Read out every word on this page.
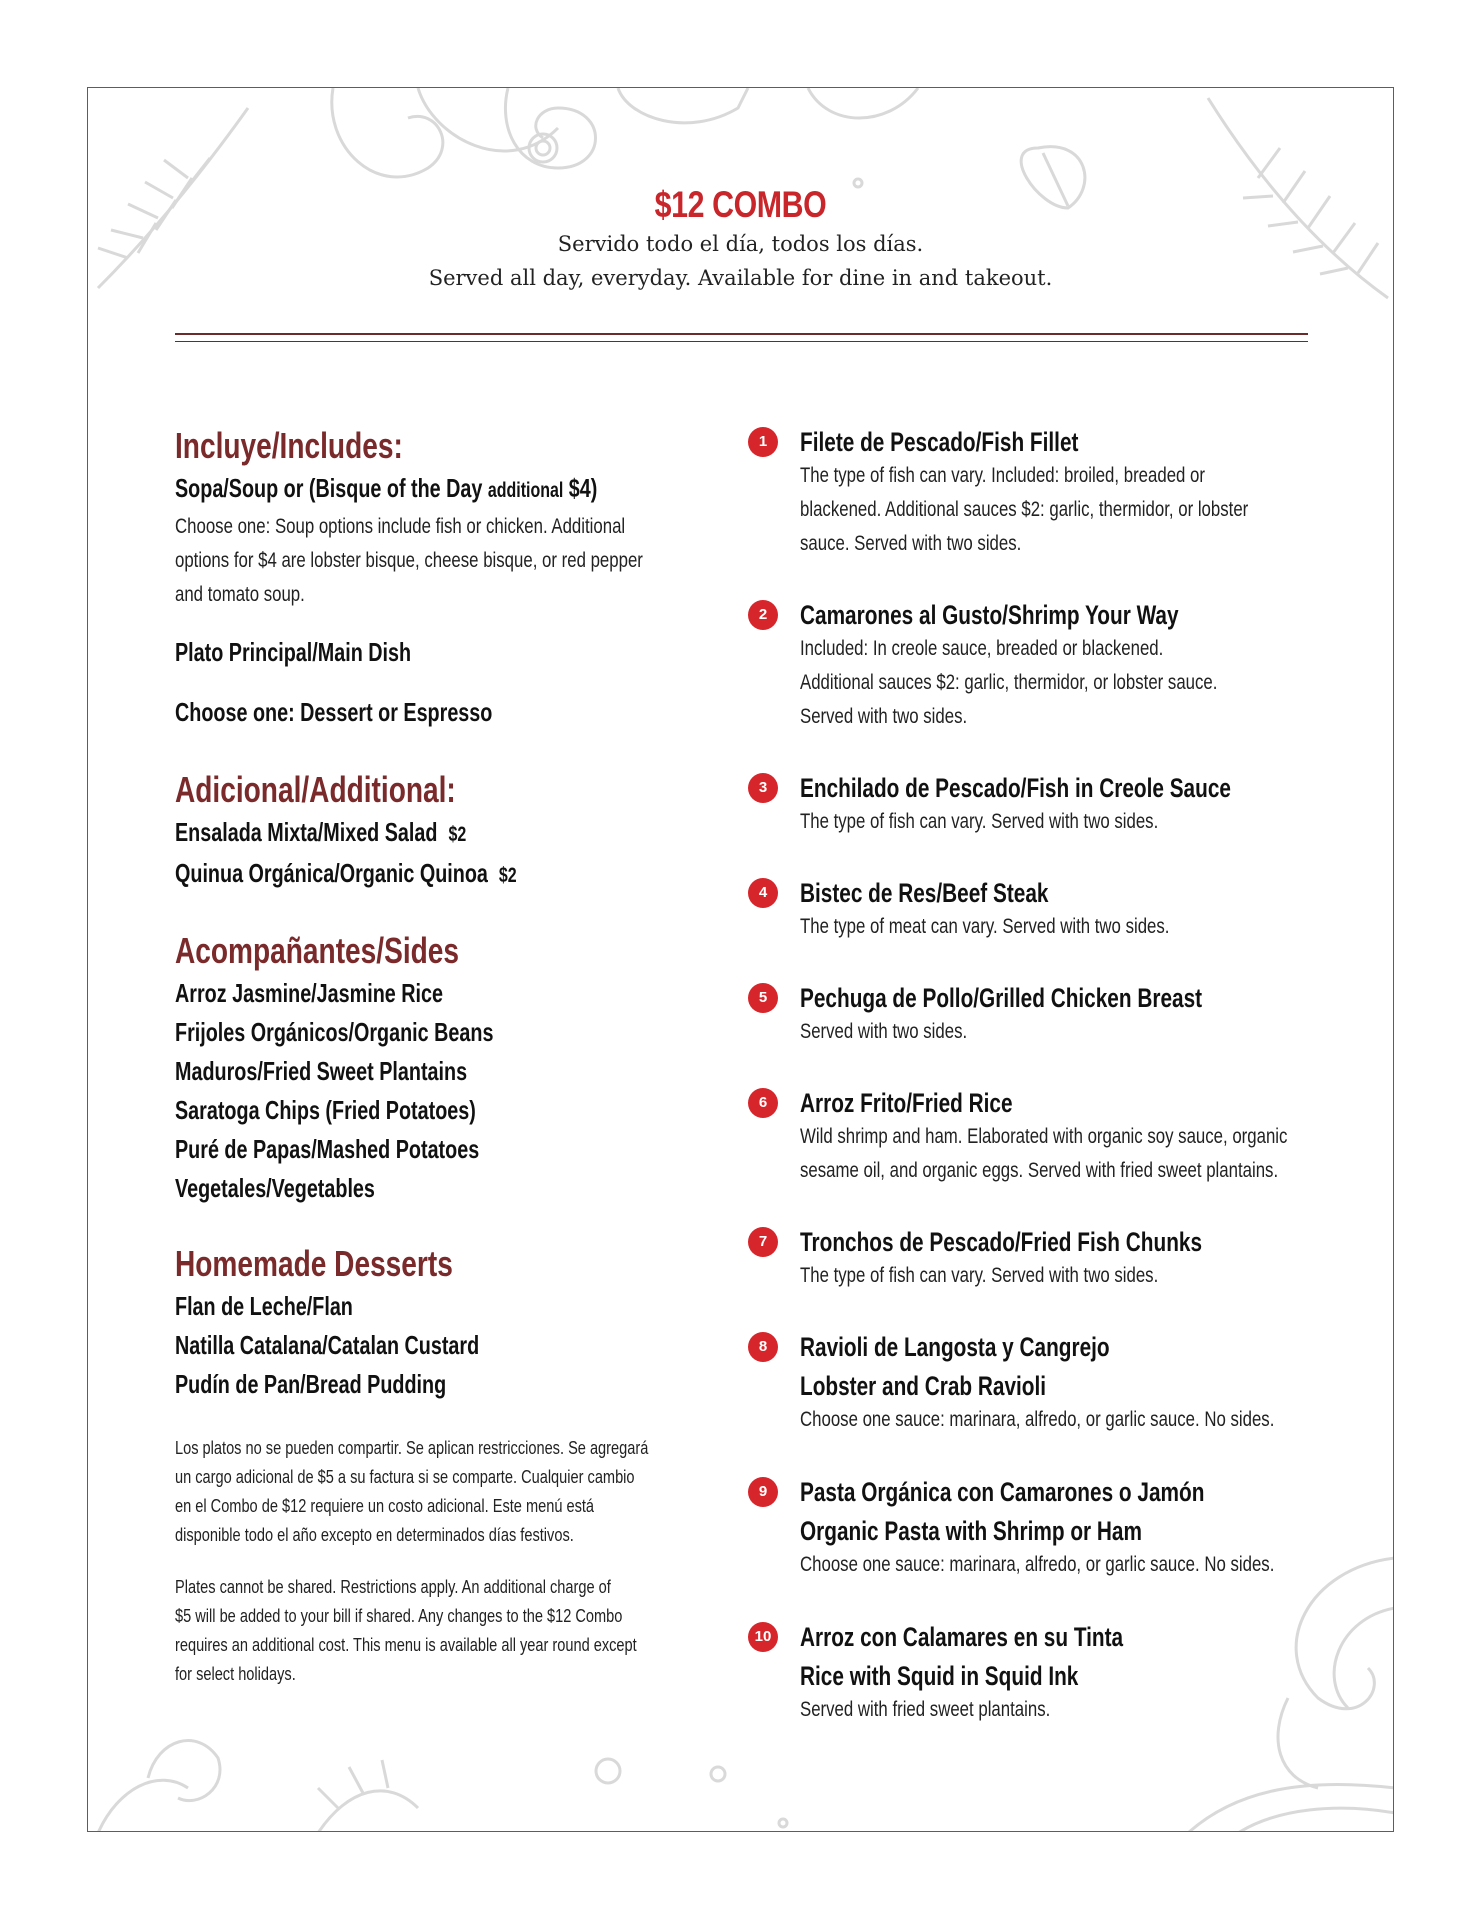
$12 COMBO

Servido todo el día, todos los días.

Served all day, everyday. Available for dine in and takeout.

Incluye/Includes:

Sopa/Soup or (Bisque of the Day additional $4)

Choose one: Soup options include fish or chicken. Additional

options for $4 are lobster bisque, cheese bisque, or red pepper

and tomato soup.

Plato Principal/Main Dish

Choose one: Dessert or Espresso

Adicional/Additional:

Ensalada Mixta/Mixed Salad $2

Quinua Orgánica/Organic Quinoa $2

Acompañantes/Sides

Arroz Jasmine/Jasmine Rice

Frijoles Orgánicos/Organic Beans

Maduros/Fried Sweet Plantains

Saratoga Chips (Fried Potatoes)

Puré de Papas/Mashed Potatoes

Vegetales/Vegetables

Homemade Desserts

Flan de Leche/Flan

Natilla Catalana/Catalan Custard

Pudín de Pan/Bread Pudding

Los platos no se pueden compartir. Se aplican restricciones. Se agregará

un cargo adicional de $5 a su factura si se comparte. Cualquier cambio

en el Combo de $12 requiere un costo adicional. Este menú está

disponible todo el año excepto en determinados días festivos.

Plates cannot be shared. Restrictions apply. An additional charge of

$5 will be added to your bill if shared. Any changes to the $12 Combo

requires an additional cost. This menu is available all year round except

for select holidays.

1	Filete de Pescado/Fish Fillet

The type of fish can vary. Included: broiled, breaded or

blackened. Additional sauces $2: garlic, thermidor, or lobster

sauce. Served with two sides.

2	Camarones al Gusto/Shrimp Your Way

Included: In creole sauce, breaded or blackened.

Additional sauces $2: garlic, thermidor, or lobster sauce.

Served with two sides.

3	Enchilado de Pescado/Fish in Creole Sauce

The type of fish can vary. Served with two sides.

4	Bistec de Res/Beef Steak

The type of meat can vary. Served with two sides.

5	Pechuga de Pollo/Grilled Chicken Breast

Served with two sides.

6	Arroz Frito/Fried Rice

Wild shrimp and ham. Elaborated with organic soy sauce, organic

sesame oil, and organic eggs. Served with fried sweet plantains.

7	Tronchos de Pescado/Fried Fish Chunks

The type of fish can vary. Served with two sides.

8	Ravioli de Langosta y Cangrejo

Lobster and Crab Ravioli

Choose one sauce: marinara, alfredo, or garlic sauce. No sides.

9	Pasta Orgánica con Camarones o Jamón

Organic Pasta with Shrimp or Ham

Choose one sauce: marinara, alfredo, or garlic sauce. No sides.

10 Arroz con Calamares en su Tinta

Rice with Squid in Squid Ink

Served with fried sweet plantains.
